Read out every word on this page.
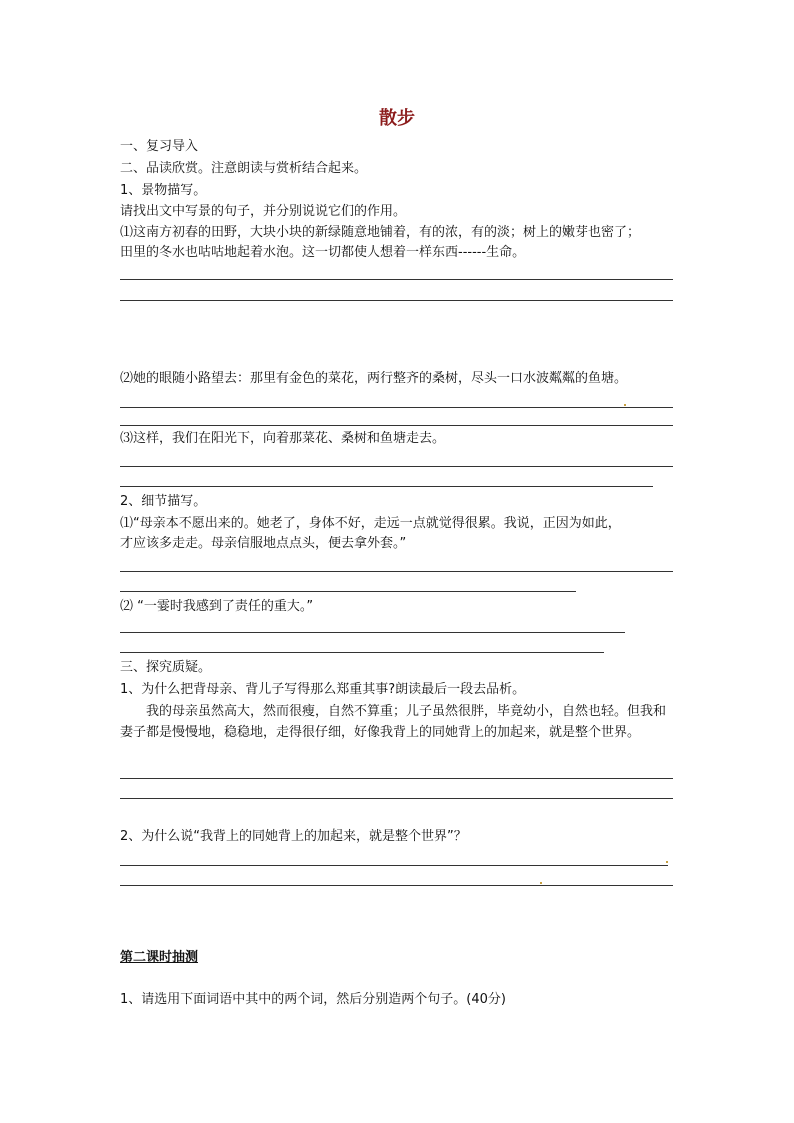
散步
一、复习导入
二、品读欣赏。注意朗读与赏析结合起来。
1、景物描写。
请找出文中写景的句子，并分别说说它们的作用。
⑴这南方初春的田野，大块小块的新绿随意地铺着，有的浓，有的淡；树上的嫩芽也密了；
田里的冬水也咕咕地起着水泡。这一切都使人想着一样东西------生命。
⑵她的眼随小路望去：那里有金色的菜花，两行整齐的桑树，尽头一口水波粼粼的鱼塘。
⑶这样，我们在阳光下，向着那菜花、桑树和鱼塘走去。
2、细节描写。
⑴“母亲本不愿出来的。她老了，身体不好，走远一点就觉得很累。我说，正因为如此，
才应该多走走。母亲信服地点点头，便去拿外套。”
⑵ “一霎时我感到了责任的重大。”
三、探究质疑。
1、为什么把背母亲、背儿子写得那么郑重其事?朗读最后一段去品析。
我的母亲虽然高大，然而很瘦，自然不算重；儿子虽然很胖，毕竟幼小，自然也轻。但我和妻子都是慢慢地，稳稳地，走得很仔细，好像我背上的同她背上的加起来，就是整个世界。
2、为什么说“我背上的同她背上的加起来，就是整个世界”？
第二课时抽测
1、请选用下面词语中其中的两个词，然后分别造两个句子。(40分)
